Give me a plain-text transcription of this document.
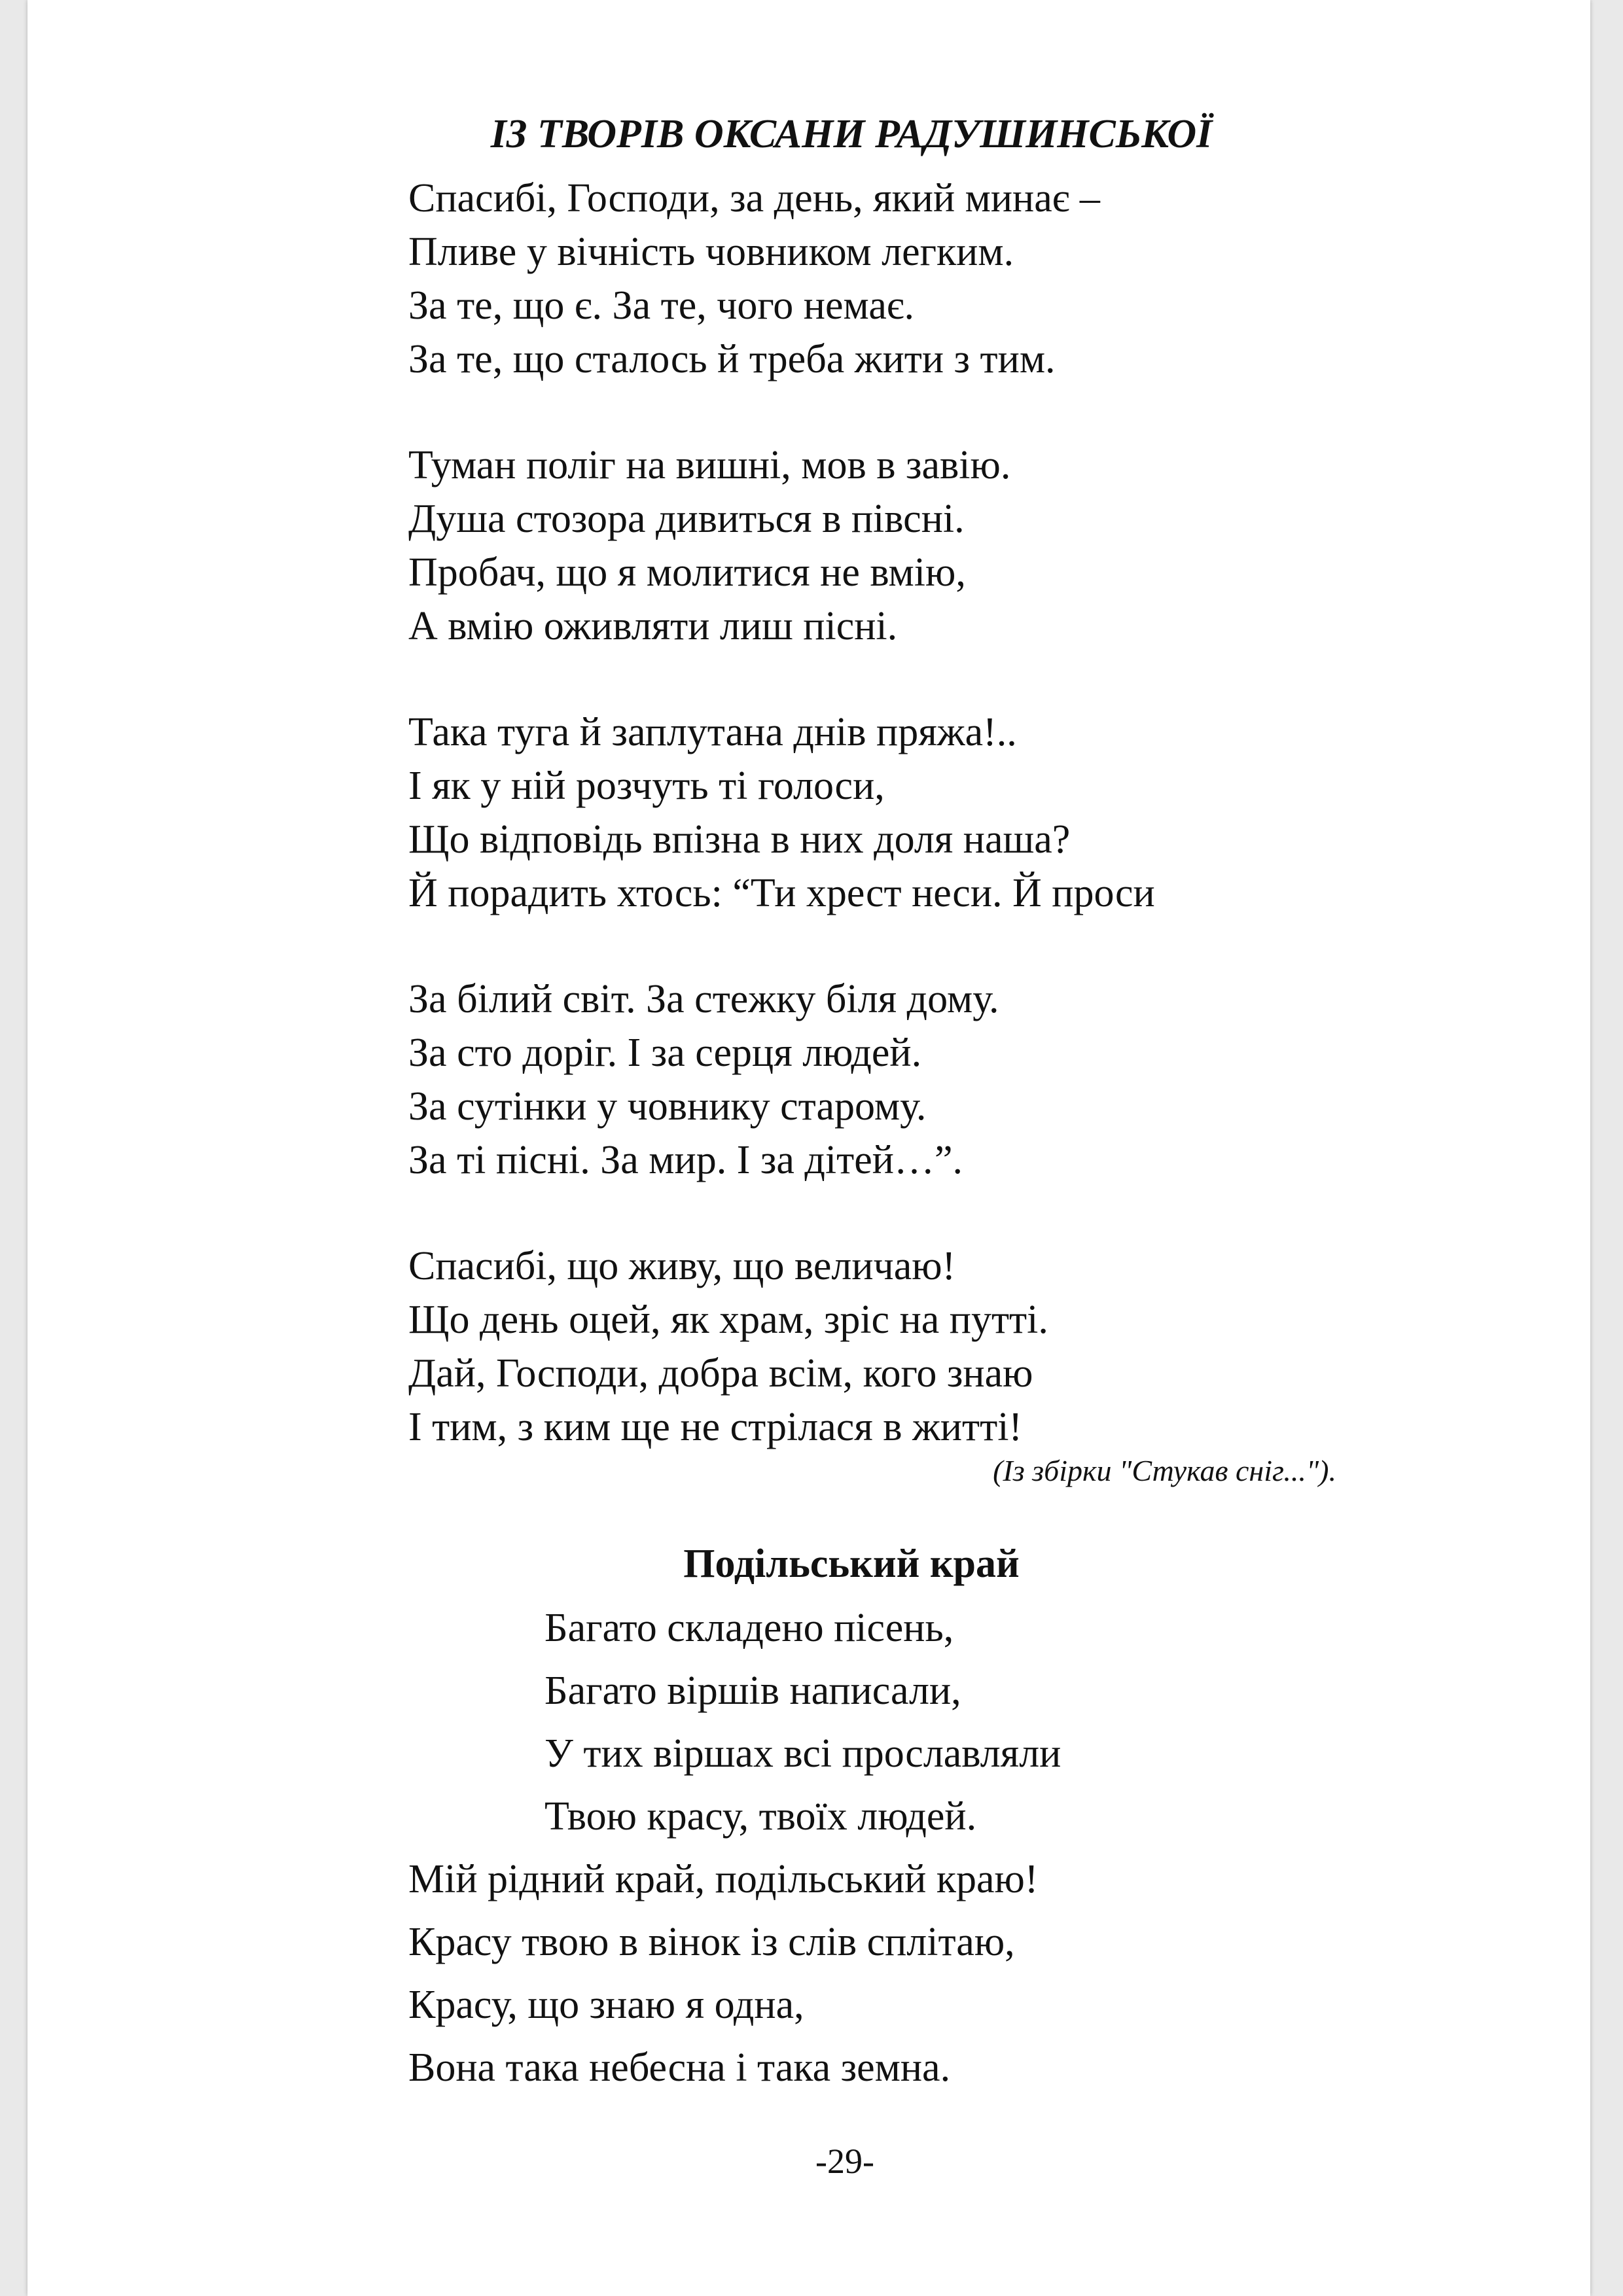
ІЗ ТВОРІВ ОКСАНИ РАДУШИНСЬКОЇ
Спасибі, Господи, за день, який минає –
Пливе у вічність човником легким.
За те, що є. За те, чого немає.
За те, що сталось й треба жити з тим.
Туман поліг на вишні, мов в завію.
Душа стозора дивиться в півсні.
Пробач, що я молитися не вмію,
А вмію оживляти лиш пісні.
Така туга й заплутана днів пряжа!..
І як у ній розчуть ті голоси,
Що відповідь впізна в них доля наша?
Й порадить хтось: “Ти хрест неси. Й проси
За білий світ. За стежку біля дому.
За сто доріг. І за серця людей.
За сутінки у човнику старому.
За ті пісні. За мир. І за дітей…”.
Спасибі, що живу, що величаю!
Що день оцей, як храм, зріс на путті.
Дай, Господи, добра всім, кого знаю
І тим, з ким ще не стрілася в житті!
(Із збірки "Стукав сніг...").
Подільський край
Багато складено пісень,
Багато віршів написали,
У тих віршах всі прославляли
Твою красу, твоїх людей.
Мій рідний край, подільський краю!
Красу твою в вінок із слів сплітаю,
Красу, що знаю я одна,
Вона така небесна і така земна.
-29-
